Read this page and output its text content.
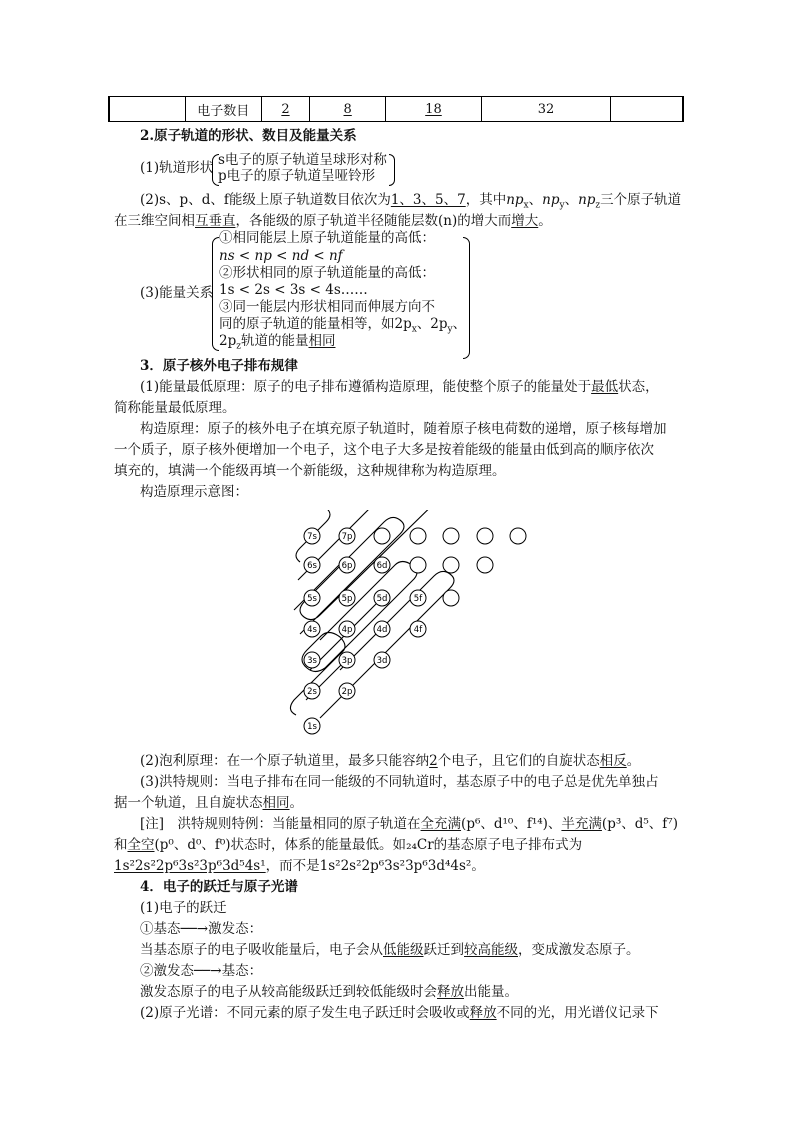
	电子数目	2	8	18	32	
2.原子轨道的形状、数目及能量关系
(1)轨道形状 s电子的原子轨道呈球形对称
p电子的原子轨道呈哑铃形
(2)s、p、d、f能级上原子轨道数目依次为1、3、5、7，其中$np_x$、$np_y$、$np_z$三个原子轨道
在三维空间相互垂直，各能级的原子轨道半径随能层数(n)的增大而增大。
(3)能量关系
①相同能层上原子轨道能量的高低：
ns < np < nd < nf
②形状相同的原子轨道能量的高低：
1s < 2s < 3s < 4s……
③同一能层内形状相同而伸展方向不
同的原子轨道的能量相等，如$2p_x$、$2p_y$、
$2p_z$轨道的能量相同
3．原子核外电子排布规律
(1)能量最低原理：原子的电子排布遵循构造原理，能使整个原子的能量处于最低状态，
简称能量最低原理。
构造原理：原子的核外电子在填充原子轨道时，随着原子核电荷数的递增，原子核每增加
一个质子，原子核外便增加一个电子，这个电子大多是按着能级的能量由低到高的顺序依次
填充的，填满一个能级再填一个新能级，这种规律称为构造原理。
构造原理示意图：
7s	7p
6s	6p	6d
5s	5p	5d	5f
4s	4p	4d	4f
3s	3p	3d
2s	2p
1s
(2)泡利原理：在一个原子轨道里，最多只能容纳2个电子，且它们的自旋状态相反。
(3)洪特规则：当电子排布在同一能级的不同轨道时，基态原子中的电子总是优先单独占
据一个轨道，且自旋状态相同。
[注]　洪特规则特例：当能量相同的原子轨道在全充满(p⁶、d¹⁰、f¹⁴)、半充满(p³、d⁵、f⁷)
和全空(p⁰、d⁰、f⁰)状态时，体系的能量最低。如₂₄Cr的基态原子电子排布式为
1s²2s²2p⁶3s²3p⁶3d⁵4s¹，而不是1s²2s²2p⁶3s²3p⁶3d⁴4s²。
4．电子的跃迁与原子光谱
(1)电子的跃迁
①基态──→激发态：
当基态原子的电子吸收能量后，电子会从低能级跃迁到较高能级，变成激发态原子。
②激发态──→基态：
激发态原子的电子从较高能级跃迁到较低能级时会释放出能量。
(2)原子光谱：不同元素的原子发生电子跃迁时会吸收或释放不同的光，用光谱仪记录下
